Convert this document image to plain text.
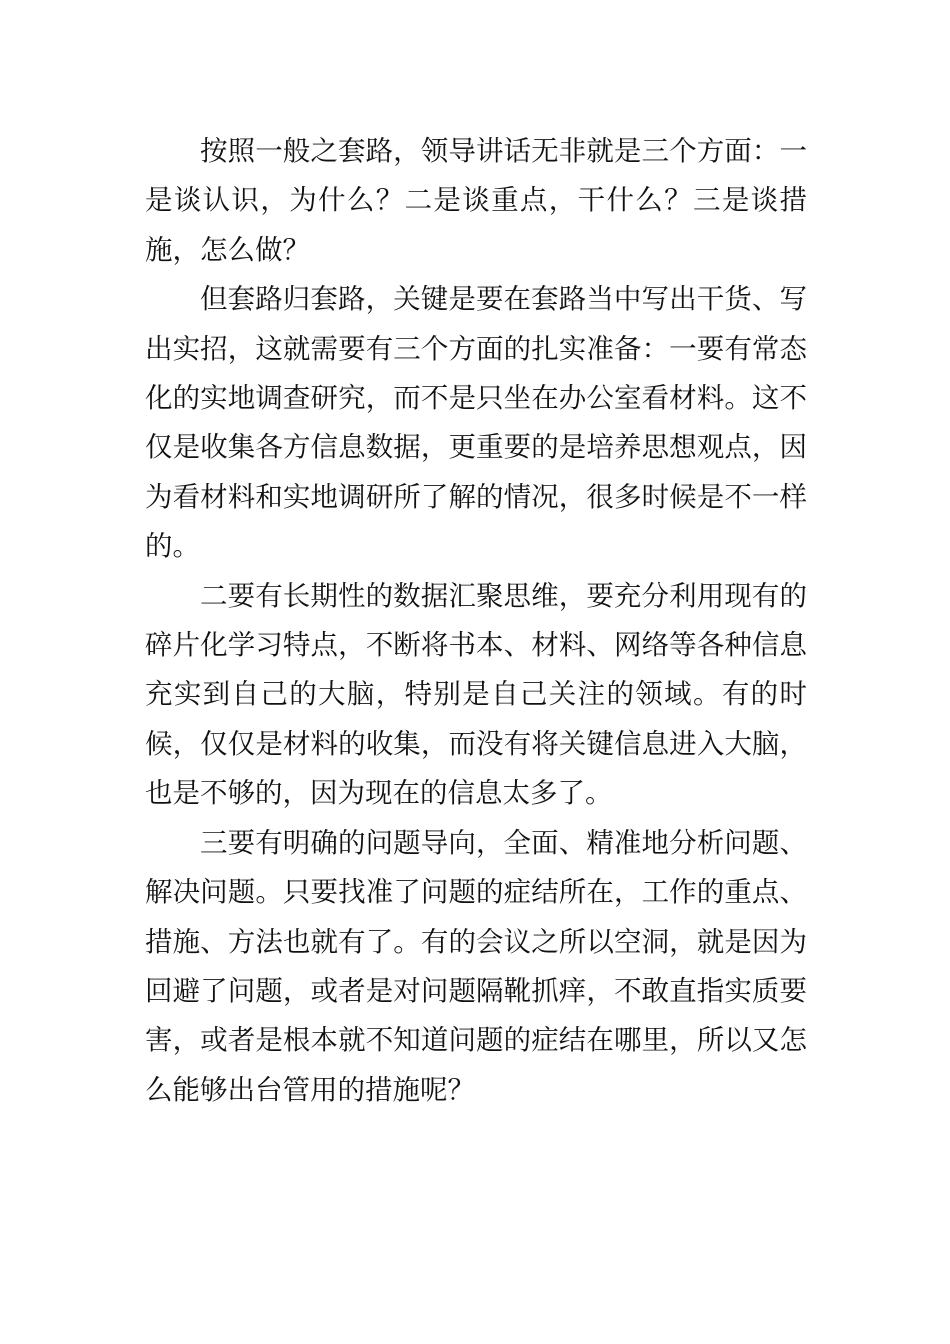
按照一般之套路，领导讲话无非就是三个方面：一是谈认识，为什么？二是谈重点，干什么？三是谈措施，怎么做？

但套路归套路，关键是要在套路当中写出干货、写出实招，这就需要有三个方面的扎实准备：一要有常态化的实地调查研究，而不是只坐在办公室看材料。这不仅是收集各方信息数据，更重要的是培养思想观点，因为看材料和实地调研所了解的情况，很多时候是不一样的。

二要有长期性的数据汇聚思维，要充分利用现有的碎片化学习特点，不断将书本、材料、网络等各种信息充实到自己的大脑，特别是自己关注的领域。有的时候，仅仅是材料的收集，而没有将关键信息进入大脑，也是不够的，因为现在的信息太多了。

三要有明确的问题导向，全面、精准地分析问题、解决问题。只要找准了问题的症结所在，工作的重点、措施、方法也就有了。有的会议之所以空洞，就是因为回避了问题，或者是对问题隔靴抓痒，不敢直指实质要害，或者是根本就不知道问题的症结在哪里，所以又怎么能够出台管用的措施呢？
